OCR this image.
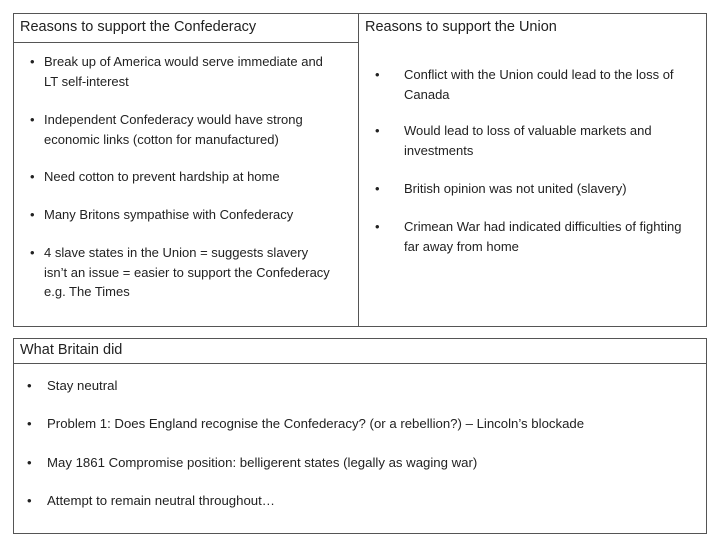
Reasons to support the Confederacy
• Break up of America would serve immediate and LT self-interest
• Independent Confederacy would have strong economic links (cotton for manufactured)
• Need cotton to prevent hardship at home
• Many Britons sympathise with Confederacy
• 4 slave states in the Union = suggests slavery isn’t an issue = easier to support the Confederacy e.g. The Times
Reasons to support the Union
• Conflict with the Union could lead to the loss of Canada
• Would lead to loss of valuable markets and investments
• British opinion was not united (slavery)
• Crimean War had indicated difficulties of fighting far away from home
What Britain did
• Stay neutral
• Problem 1: Does England recognise the Confederacy? (or a rebellion?) – Lincoln’s blockade
• May 1861 Compromise position: belligerent states (legally as waging war)
• Attempt to remain neutral throughout…
